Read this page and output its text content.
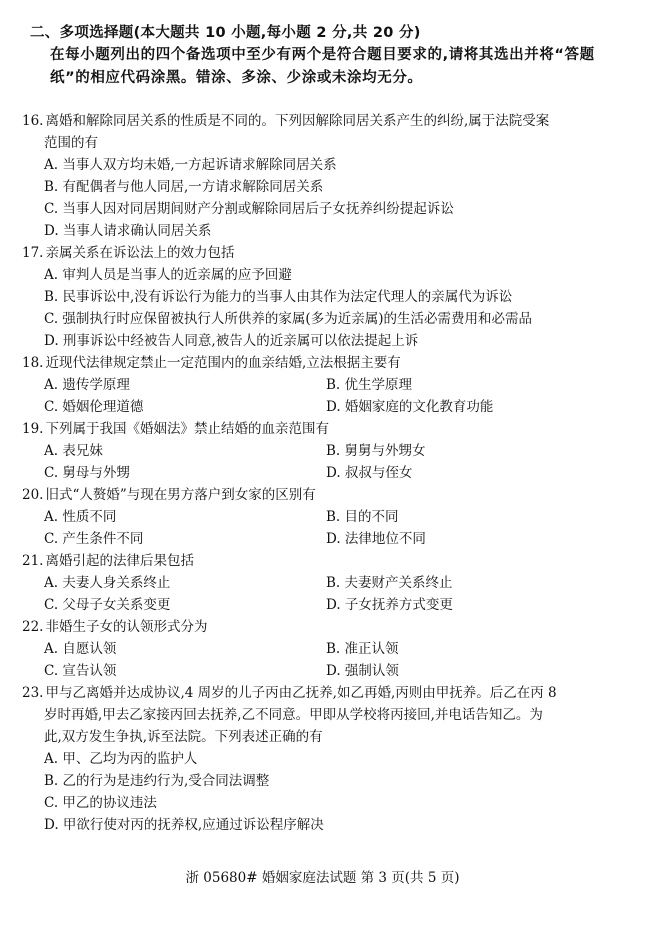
二、多项选择题(本大题共 10 小题,每小题 2 分,共 20 分)
在每小题列出的四个备选项中至少有两个是符合题目要求的,请将其选出并将“答题
纸”的相应代码涂黑。错涂、多涂、少涂或未涂均无分。
16. 离婚和解除同居关系的性质是不同的。下列因解除同居关系产生的纠纷,属于法院受案
范围的有
A. 当事人双方均未婚,一方起诉请求解除同居关系
B. 有配偶者与他人同居,一方请求解除同居关系
C. 当事人因对同居期间财产分割或解除同居后子女抚养纠纷提起诉讼
D. 当事人请求确认同居关系
17. 亲属关系在诉讼法上的效力包括
A. 审判人员是当事人的近亲属的应予回避
B. 民事诉讼中,没有诉讼行为能力的当事人由其作为法定代理人的亲属代为诉讼
C. 强制执行时应保留被执行人所供养的家属(多为近亲属)的生活必需费用和必需品
D. 刑事诉讼中经被告人同意,被告人的近亲属可以依法提起上诉
18. 近现代法律规定禁止一定范围内的血亲结婚,立法根据主要有
A. 遗传学原理	B. 优生学原理
C. 婚姻伦理道德	D. 婚姻家庭的文化教育功能
19. 下列属于我国《婚姻法》禁止结婚的血亲范围有
A. 表兄妹	B. 舅舅与外甥女
C. 舅母与外甥	D. 叔叔与侄女
20. 旧式“人赘婚”与现在男方落户到女家的区别有
A. 性质不同	B. 目的不同
C. 产生条件不同	D. 法律地位不同
21. 离婚引起的法律后果包括
A. 夫妻人身关系终止	B. 夫妻财产关系终止
C. 父母子女关系变更	D. 子女抚养方式变更
22. 非婚生子女的认领形式分为
A. 自愿认领	B. 准正认领
C. 宣告认领	D. 强制认领
23. 甲与乙离婚并达成协议,4 周岁的儿子丙由乙抚养,如乙再婚,丙则由甲抚养。后乙在丙 8
岁时再婚,甲去乙家接丙回去抚养,乙不同意。甲即从学校将丙接回,并电话告知乙。为
此,双方发生争执,诉至法院。下列表述正确的有
A. 甲、乙均为丙的监护人
B. 乙的行为是违约行为,受合同法调整
C. 甲乙的协议违法
D. 甲欲行使对丙的抚养权,应通过诉讼程序解决
浙 05680# 婚姻家庭法试题 第 3 页(共 5 页)
